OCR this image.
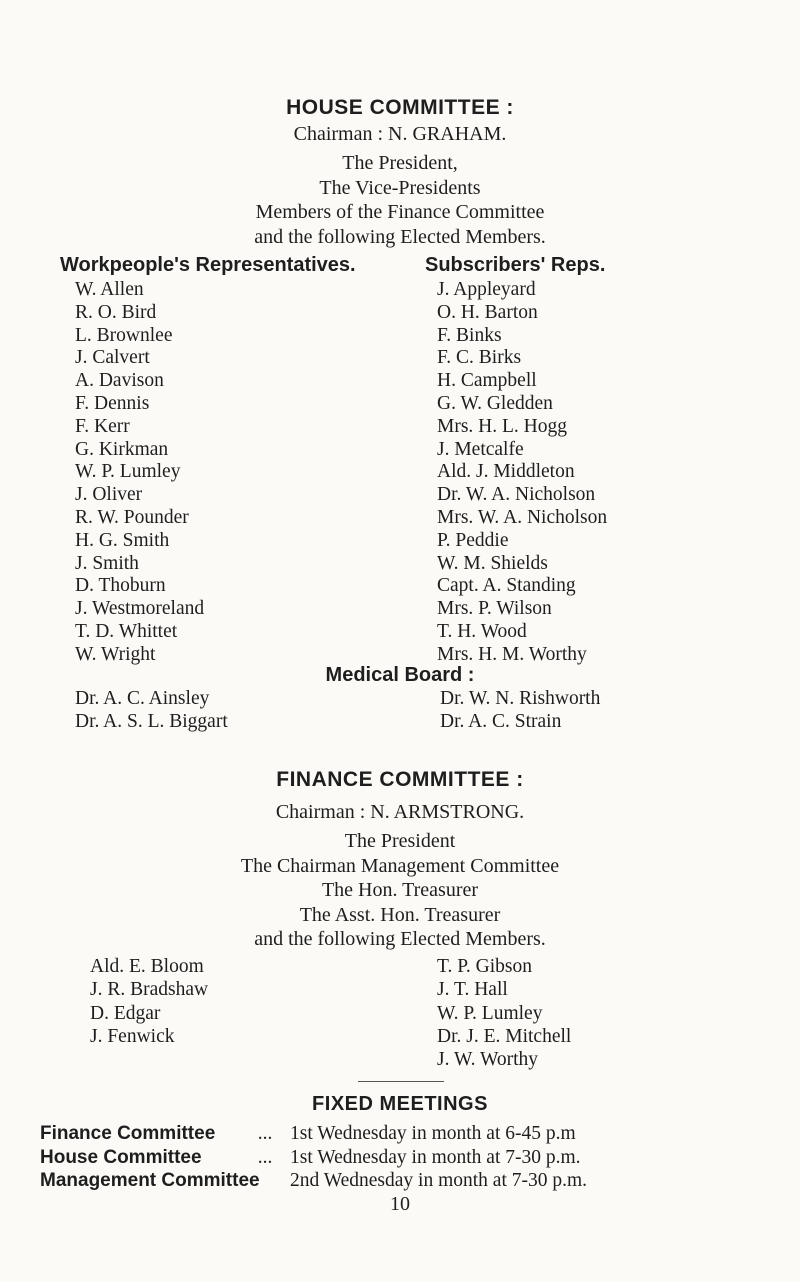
HOUSE COMMITTEE :
Chairman : N. GRAHAM.
The President,
The Vice-Presidents
Members of the Finance Committee
and the following Elected Members.
Workpeople's Representatives.	Subscribers' Reps.
W. Allen
R. O. Bird
L. Brownlee
J. Calvert
A. Davison
F. Dennis
F. Kerr
G. Kirkman
W. P. Lumley
J. Oliver
R. W. Pounder
H. G. Smith
J. Smith
D. Thoburn
J. Westmoreland
T. D. Whittet
W. Wright
J. Appleyard
O. H. Barton
F. Binks
F. C. Birks
H. Campbell
G. W. Gledden
Mrs. H. L. Hogg
J. Metcalfe
Ald. J. Middleton
Dr. W. A. Nicholson
Mrs. W. A. Nicholson
P. Peddie
W. M. Shields
Capt. A. Standing
Mrs. P. Wilson
T. H. Wood
Mrs. H. M. Worthy
Medical Board :
Dr. A. C. Ainsley
Dr. A. S. L. Biggart
Dr. W. N. Rishworth
Dr. A. C. Strain
FINANCE COMMITTEE :
Chairman : N. ARMSTRONG.
The President
The Chairman Management Committee
The Hon. Treasurer
The Asst. Hon. Treasurer
and the following Elected Members.
Ald. E. Bloom
J. R. Bradshaw
D. Edgar
J. Fenwick
T. P. Gibson
J. T. Hall
W. P. Lumley
Dr. J. E. Mitchell
J. W. Worthy
FIXED MEETINGS
Finance Committee ... 1st Wednesday in month at 6-45 p.m
House Committee	... 1st Wednesday in month at 7-30 p.m.
Management Committee 2nd Wednesday in month at 7-30 p.m.
10
